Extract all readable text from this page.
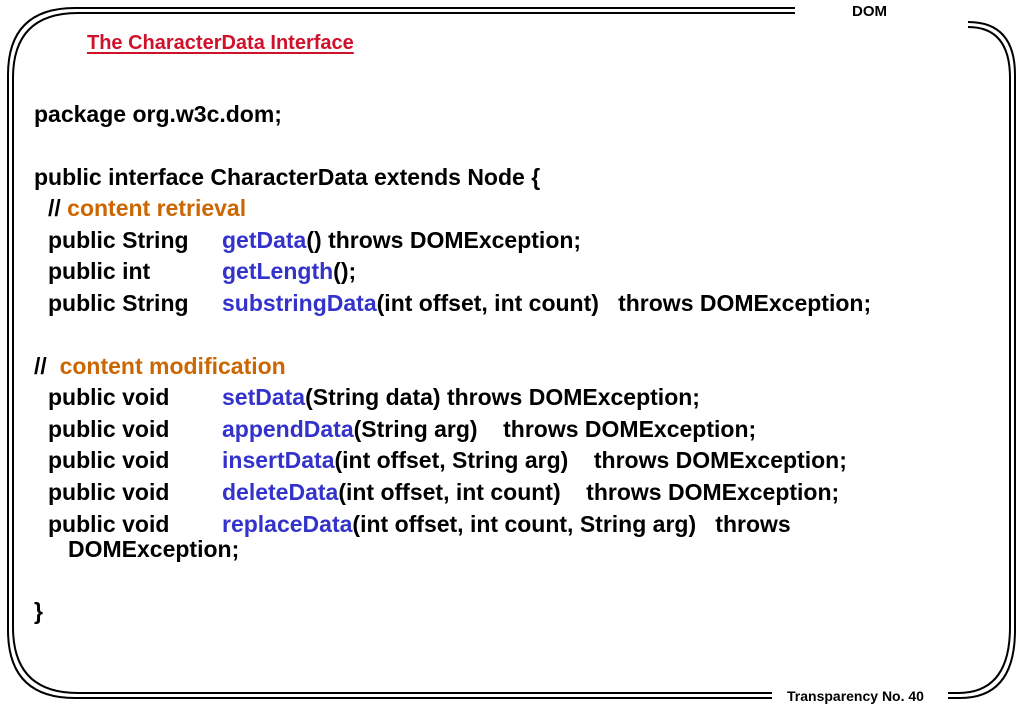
DOM
The CharacterData Interface
package org.w3c.dom;
public interface CharacterData extends Node {
// content retrieval
public String getData() throws DOMException;
public int	getLength();
public String substringData(int offset, int count)   throws DOMException;
//  content modification
public void setData(String data) throws DOMException;
public void appendData(String arg)    throws DOMException;
public void insertData(int offset, String arg)    throws DOMException;
public void deleteData(int offset, int count)    throws DOMException;
public void replaceData(int offset, int count, String arg)   throws
DOMException;
}
Transparency No. 40
